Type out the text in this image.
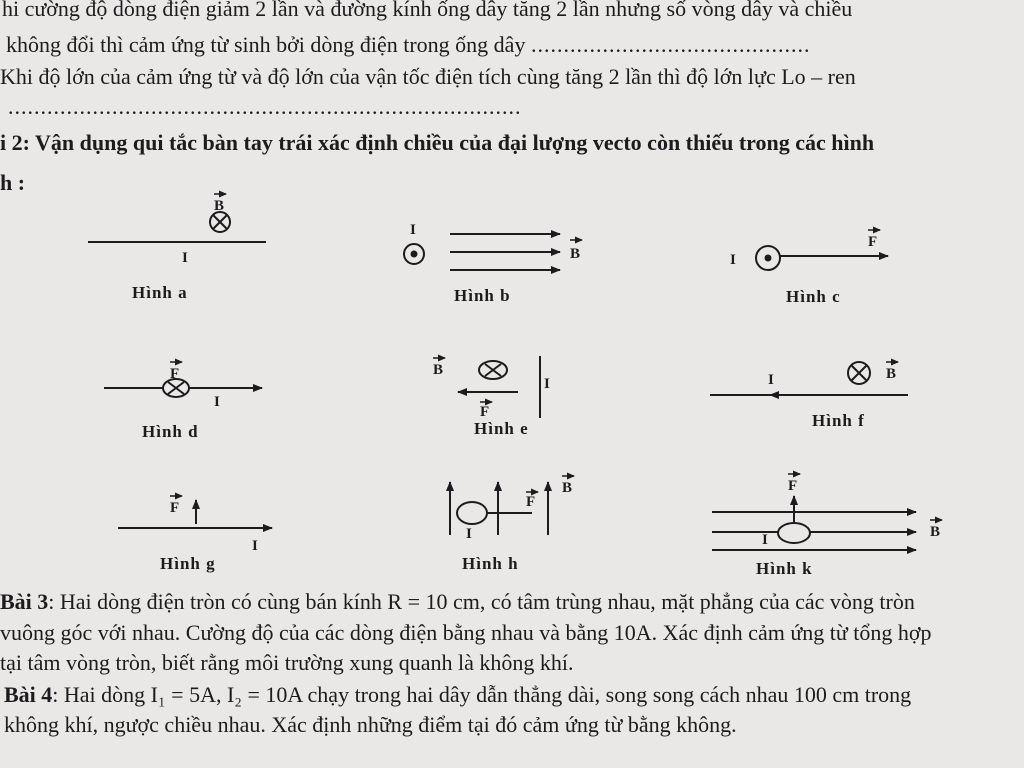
hi cường độ dòng điện giảm 2 lần và đường kính ống dây tăng 2 lần nhưng số vòng dây và chiều
không đổi thì cảm ứng từ sinh bởi dòng điện trong ống dây ...........................................
Khi độ lớn của cảm ứng từ và độ lớn của vận tốc điện tích cùng tăng 2 lần thì độ lớn lực Lo – ren
...............................................................................
i 2: Vận dụng qui tắc bàn tay trái xác định chiều của đại lượng vecto còn thiếu trong các hình
h :
B
I
I
B	I
F
F
I
B
I
F
I	B
F
I
I
F
B	F
I	B
Hình a	Hình b	Hình c
Hình d	Hình e	Hình f
Hình g	Hình h	Hình k
Bài 3: Hai dòng điện tròn có cùng bán kính R = 10 cm, có tâm trùng nhau, mặt phẳng của các vòng tròn
vuông góc với nhau. Cường độ của các dòng điện bằng nhau và bằng 10A. Xác định cảm ứng từ tổng hợp
tại tâm vòng tròn, biết rằng môi trường xung quanh là không khí.
Bài 4: Hai dòng I₁ = 5A, I₂ = 10A chạy trong hai dây dẫn thẳng dài, song song cách nhau 100 cm trong
không khí, ngược chiều nhau. Xác định những điểm tại đó cảm ứng từ bằng không.
